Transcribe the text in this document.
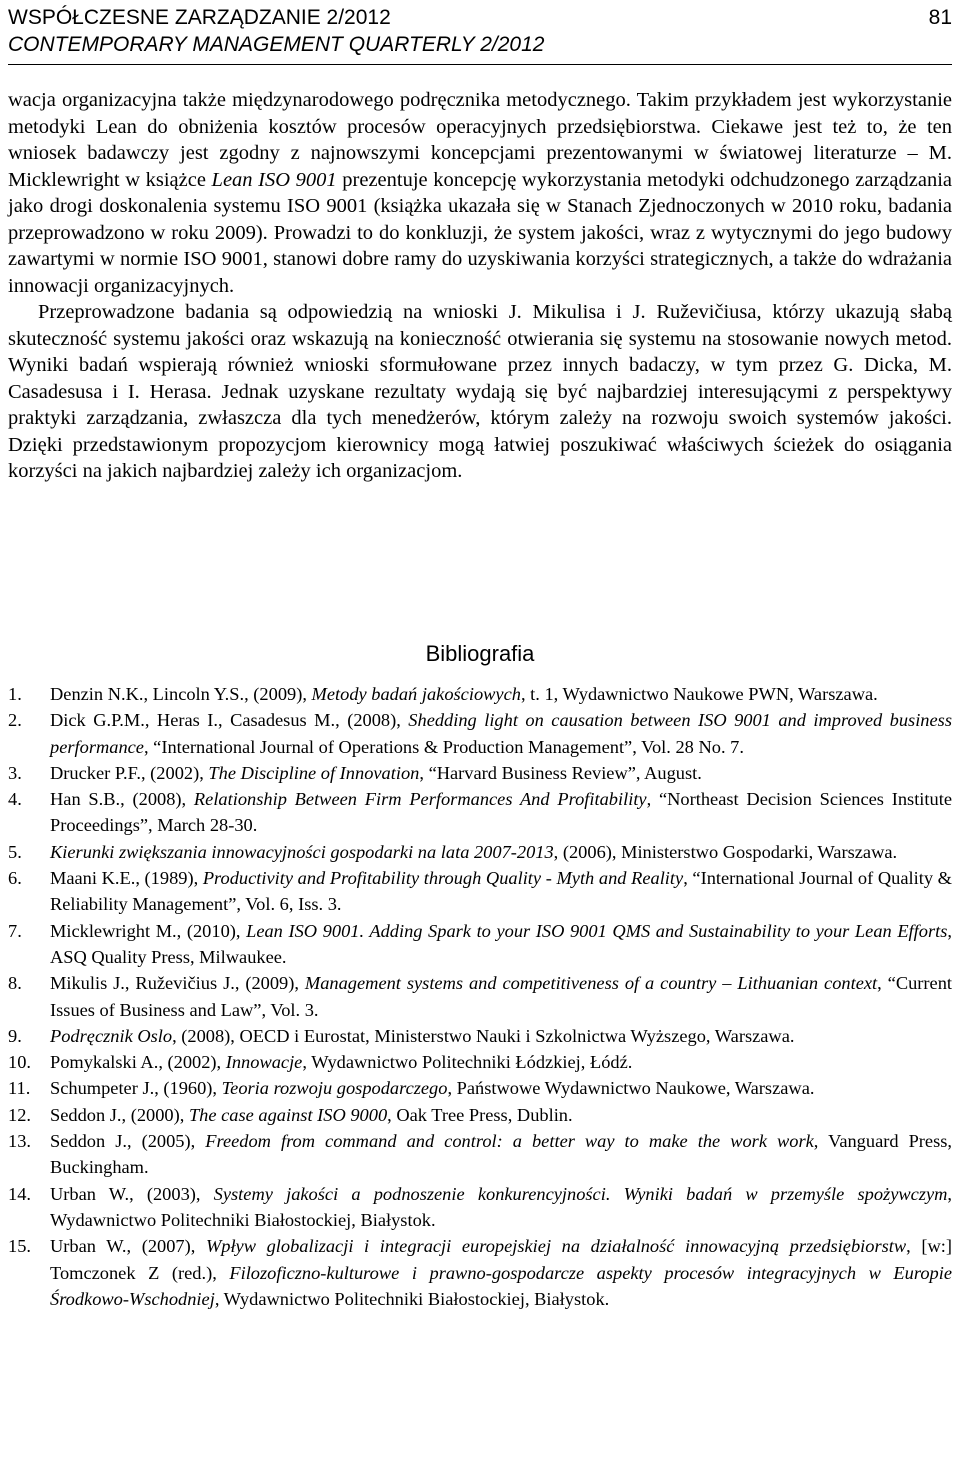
WSPÓŁCZESNE ZARZĄDZANIE 2/2012	81
CONTEMPORARY MANAGEMENT QUARTERLY 2/2012

wacja organizacyjna także międzynarodowego podręcznika metodycznego. Takim przykładem jest wykorzystanie metodyki Lean do obniżenia kosztów procesów operacyjnych przedsiębiorstwa. Ciekawe jest też to, że ten wniosek badawczy jest zgodny z najnowszymi koncepcjami prezentowanymi w światowej literaturze – M. Micklewright w książce Lean ISO 9001 prezentuje koncepcję wykorzystania metodyki odchudzonego zarządzania jako drogi doskonalenia systemu ISO 9001 (książka ukazała się w Stanach Zjednoczonych w 2010 roku, badania przeprowadzono w roku 2009). Prowadzi to do konkluzji, że system jakości, wraz z wytycznymi do jego budowy zawartymi w normie ISO 9001, stanowi dobre ramy do uzyskiwania korzyści strategicznych, a także do wdrażania innowacji organizacyjnych.

Przeprowadzone badania są odpowiedzią na wnioski J. Mikulisa i J. Ruževičiusa, którzy ukazują słabą skuteczność systemu jakości oraz wskazują na konieczność otwierania się systemu na stosowanie nowych metod. Wyniki badań wspierają również wnioski sformułowane przez innych badaczy, w tym przez G. Dicka, M. Casadesusa i I. Herasa. Jednak uzyskane rezultaty wydają się być najbardziej interesującymi z perspektywy praktyki zarządzania, zwłaszcza dla tych menedżerów, którym zależy na rozwoju swoich systemów jakości. Dzięki przedstawionym propozycjom kierownicy mogą łatwiej poszukiwać właściwych ścieżek do osiągania korzyści na jakich najbardziej zależy ich organizacjom.

Bibliografia
1. Denzin N.K., Lincoln Y.S., (2009), Metody badań jakościowych, t. 1, Wydawnictwo Naukowe PWN, Warszawa.
2. Dick G.P.M., Heras I., Casadesus M., (2008), Shedding light on causation between ISO 9001 and improved business performance, “International Journal of Operations & Production Management”, Vol. 28 No. 7.
3. Drucker P.F., (2002), The Discipline of Innovation, “Harvard Business Review”, August.
4. Han S.B., (2008), Relationship Between Firm Performances And Profitability, “Northeast Decision Sciences Institute Proceedings”, March 28-30.
5. Kierunki zwiększania innowacyjności gospodarki na lata 2007-2013, (2006), Ministerstwo Gospodarki, Warszawa.
6. Maani K.E., (1989), Productivity and Profitability through Quality - Myth and Reality, “International Journal of Quality & Reliability Management”, Vol. 6, Iss. 3.
7. Micklewright M., (2010), Lean ISO 9001. Adding Spark to your ISO 9001 QMS and Sustainability to your Lean Efforts, ASQ Quality Press, Milwaukee.
8. Mikulis J., Ruževičius J., (2009), Management systems and competitiveness of a country – Lithuanian context, “Current Issues of Business and Law”, Vol. 3.
9. Podręcznik Oslo, (2008), OECD i Eurostat, Ministerstwo Nauki i Szkolnictwa Wyższego, Warszawa.
10. Pomykalski A., (2002), Innowacje, Wydawnictwo Politechniki Łódzkiej, Łódź.
11. Schumpeter J., (1960), Teoria rozwoju gospodarczego, Państwowe Wydawnictwo Naukowe, Warszawa.
12. Seddon J., (2000), The case against ISO 9000, Oak Tree Press, Dublin.
13. Seddon J., (2005), Freedom from command and control: a better way to make the work work, Vanguard Press, Buckingham.
14. Urban W., (2003), Systemy jakości a podnoszenie konkurencyjności. Wyniki badań w przemyśle spożywczym, Wydawnictwo Politechniki Białostockiej, Białystok.
15. Urban W., (2007), Wpływ globalizacji i integracji europejskiej na działalność innowacyjną przedsiębiorstw, [w:] Tomczonek Z (red.), Filozoficzno-kulturowe i prawno-gospodarcze aspekty procesów integracyjnych w Europie Środkowo-Wschodniej, Wydawnictwo Politechniki Białostockiej, Białystok.
